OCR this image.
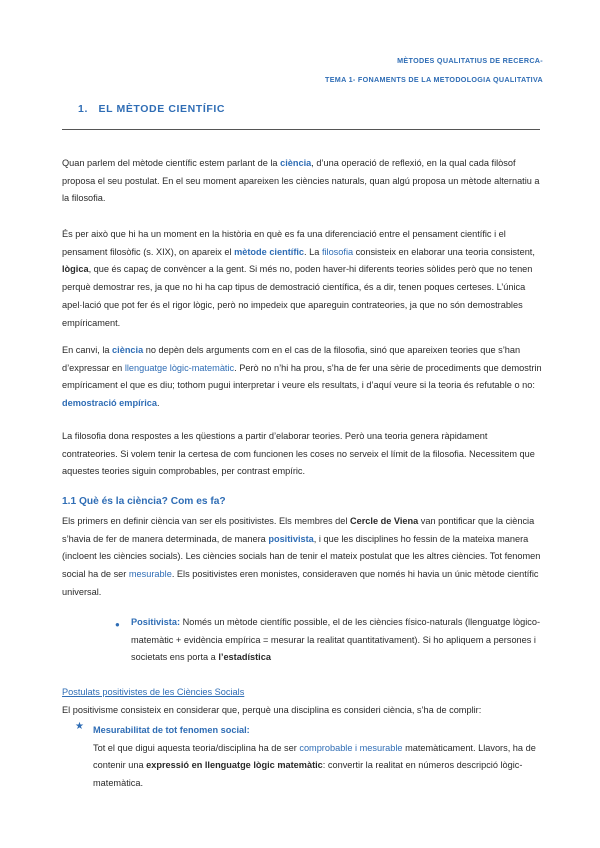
MÈTODES QUALITATIUS DE RECERCA-
TEMA 1- FONAMENTS DE LA METODOLOGIA QUALITATIVA
1. EL MÈTODE CIENTÍFIC
Quan parlem del mètode científic estem parlant de la ciència, d’una operació de reflexió, en la qual cada filòsof proposa el seu postulat. En el seu moment apareixen les ciències naturals, quan algú proposa un mètode alternatiu a la filosofia.
És per això que hi ha un moment en la història en què es fa una diferenciació entre el pensament científic i el pensament filosòfic (s. XIX), on apareix el mètode científic. La filosofia consisteix en elaborar una teoria consistent, lògica, que és capaç de convèncer a la gent. Si més no, poden haver-hi diferents teories sòlides però que no tenen perquè demostrar res, ja que no hi ha cap tipus de demostració científica, és a dir, tenen poques certeses. L’única apel·lació que pot fer és el rigor lògic, però no impedeix que apareguin contrateories, ja que no són demostrables empíricament.
En canvi, la ciència no depèn dels arguments com en el cas de la filosofia, sinó que apareixen teories que s’han d’expressar en llenguatge lògic-matemàtic. Però no n’hi ha prou, s’ha de fer una sèrie de procediments que demostrin empíricament el que es diu; tothom pugui interpretar i veure els resultats, i d’aquí veure si la teoria és refutable o no: demostració empírica.
La filosofia dona respostes a les qüestions a partir d’elaborar teories. Però una teoria genera ràpidament contrateories. Si volem tenir la certesa de com funcionen les coses no serveix el límit de la filosofia. Necessitem que aquestes teories siguin comprobables, per contrast empíric.
1.1 Què és la ciència? Com es fa?
Els primers en definir ciència van ser els positivistes. Els membres del Cercle de Viena van pontificar que la ciència s’havia de fer de manera determinada, de manera positivista, i que les disciplines ho fessin de la mateixa manera (incloent les ciències socials). Les ciències socials han de tenir el mateix postulat que les altres ciències. Tot fenomen social ha de ser mesurable. Els positivistes eren monistes, consideraven que només hi havia un únic mètode científic universal.
● Positivista: Només un mètode científic possible, el de les ciències físico-naturals (llenguatge lògico-matemàtic + evidència empírica = mesurar la realitat quantitativament). Si ho apliquem a persones i societats ens porta a l’estadística
Postulats positivistes de les Ciències Socials
El positivisme consisteix en considerar que, perquè una disciplina es consideri ciència, s’ha de complir:
★ Mesurabilitat de tot fenomen social:
Tot el que digui aquesta teoria/disciplina ha de ser comprobable i mesurable matemàticament. Llavors, ha de contenir una expressió en llenguatge lògic matemàtic: convertir la realitat en números descripció lògic-matemàtica.
